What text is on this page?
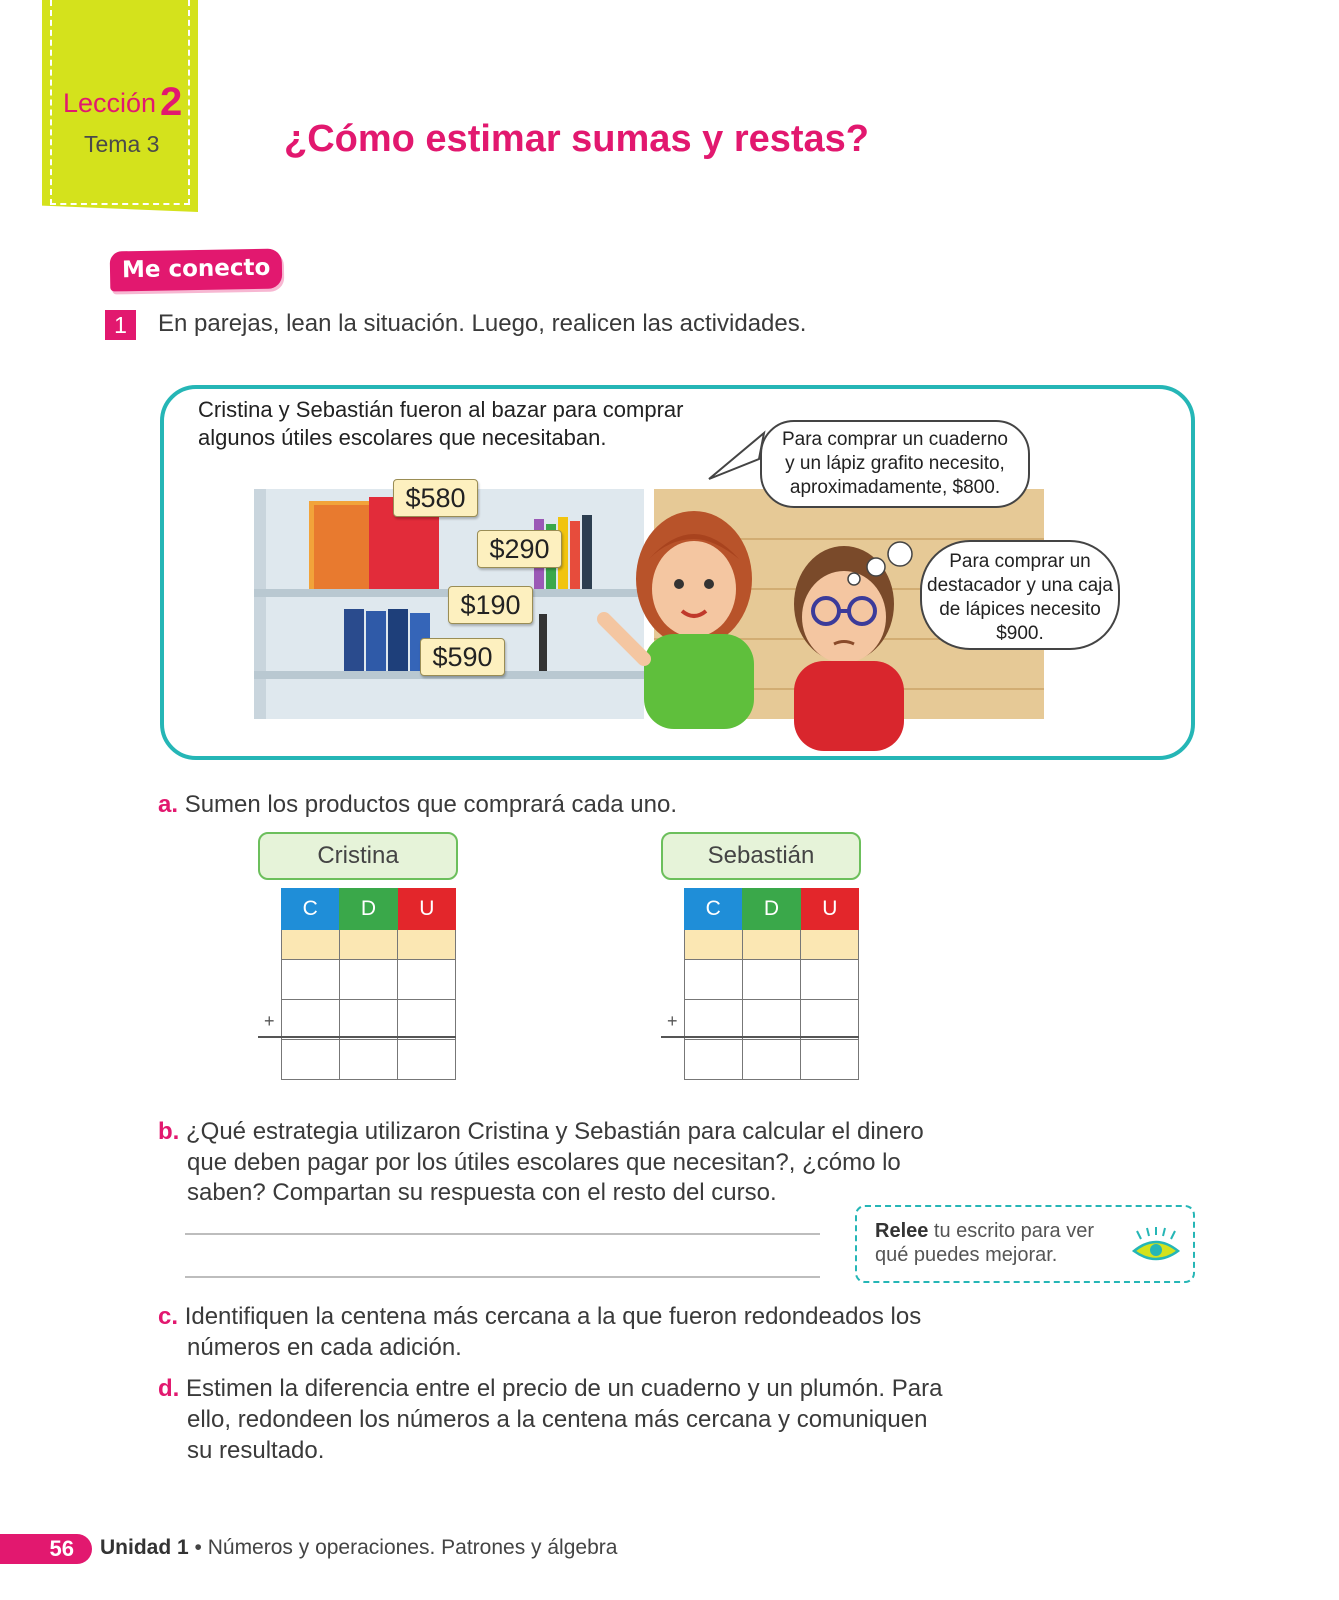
Lección 2
Tema 3	¿Cómo estimar sumas y restas?
Me conecto
1	En parejas, lean la situación. Luego, realicen las actividades.
Cristina y Sebastián fueron al bazar para comprar
algunos útiles escolares que necesitaban.	Para comprar un cuaderno
y un lápiz grafito necesito,
aproximadamente, $800.
Para comprar un
destacador y una caja
de lápices necesito
$900.
$580
$290
$190
$590
a. Sumen los productos que comprará cada uno.
Cristina
C	D	U
+
Sebastián
C	D	U
+
b. ¿Qué estrategia utilizaron Cristina y Sebastián para calcular el dinero
que deben pagar por los útiles escolares que necesitan?, ¿cómo lo
saben? Compartan su respuesta con el resto del curso.
Relee tu escrito para ver
qué puedes mejorar.
c. Identifiquen la centena más cercana a la que fueron redondeados los
números en cada adición.
d. Estimen la diferencia entre el precio de un cuaderno y un plumón. Para
ello, redondeen los números a la centena más cercana y comuniquen
su resultado.
56	Unidad 1 • Números y operaciones. Patrones y álgebra
